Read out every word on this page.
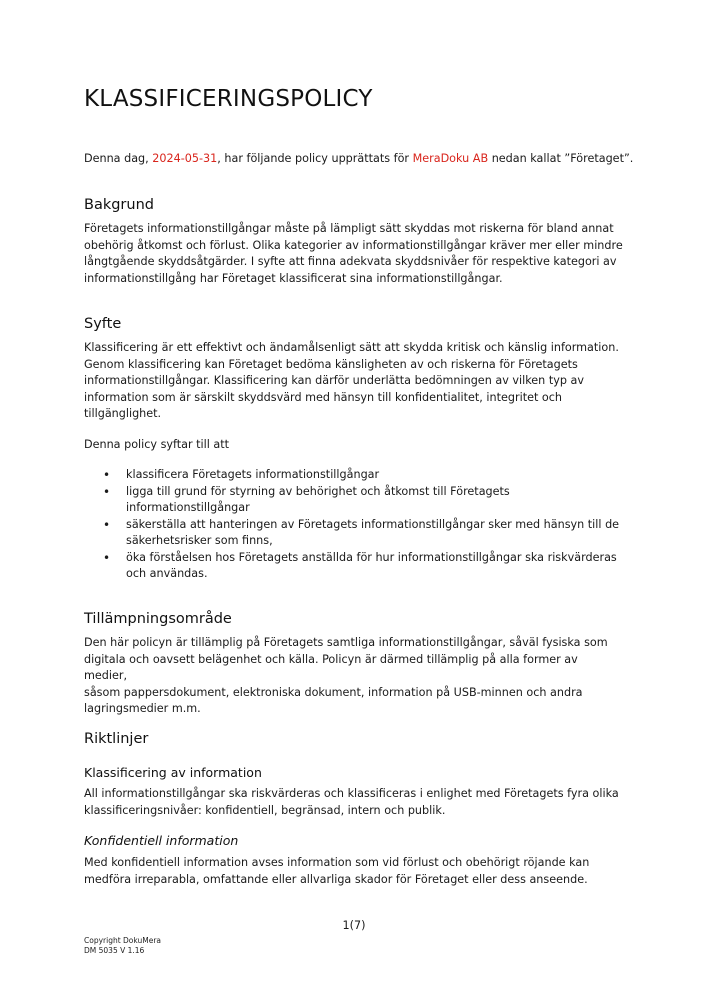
KLASSIFICERINGSPOLICY

Denna dag, 2024-05-31, har följande policy upprättats för MeraDoku AB nedan kallat ”Företaget”.

Bakgrund

Företagets informationstillgångar måste på lämpligt sätt skyddas mot riskerna för bland annat

obehörig åtkomst och förlust. Olika kategorier av informationstillgångar kräver mer eller mindre

långtgående skyddsåtgärder. I syfte att finna adekvata skyddsnivåer för respektive kategori av

informationstillgång har Företaget klassificerat sina informationstillgångar.

Syfte

Klassificering är ett effektivt och ändamålsenligt sätt att skydda kritisk och känslig information.

Genom klassificering kan Företaget bedöma känsligheten av och riskerna för Företagets

informationstillgångar. Klassificering kan därför underlätta bedömningen av vilken typ av

information som är särskilt skyddsvärd med hänsyn till konfidentialitet, integritet och

tillgänglighet.

Denna policy syftar till att

• klassificera Företagets informationstillgångar
• ligga till grund för styrning av behörighet och åtkomst till Företagets
informationstillgångar
• säkerställa att hanteringen av Företagets informationstillgångar sker med hänsyn till de
säkerhetsrisker som finns,
• öka förståelsen hos Företagets anställda för hur informationstillgångar ska riskvärderas
och användas.
Tillämpningsområde

Den här policyn är tillämplig på Företagets samtliga informationstillgångar, såväl fysiska som

digitala och oavsett belägenhet och källa. Policyn är därmed tillämplig på alla former av medier,

såsom pappersdokument, elektroniska dokument, information på USB-minnen och andra

lagringsmedier m.m.

Riktlinjer
Klassificering av information

All informationstillgångar ska riskvärderas och klassificeras i enlighet med Företagets fyra olika

klassificeringsnivåer: konfidentiell, begränsad, intern och publik.

Konfidentiell information

Med konfidentiell information avses information som vid förlust och obehörigt röjande kan

medföra irreparabla, omfattande eller allvarliga skador för Företaget eller dess anseende.

1(7)
Copyright DokuMera
DM 5035 V 1.16
